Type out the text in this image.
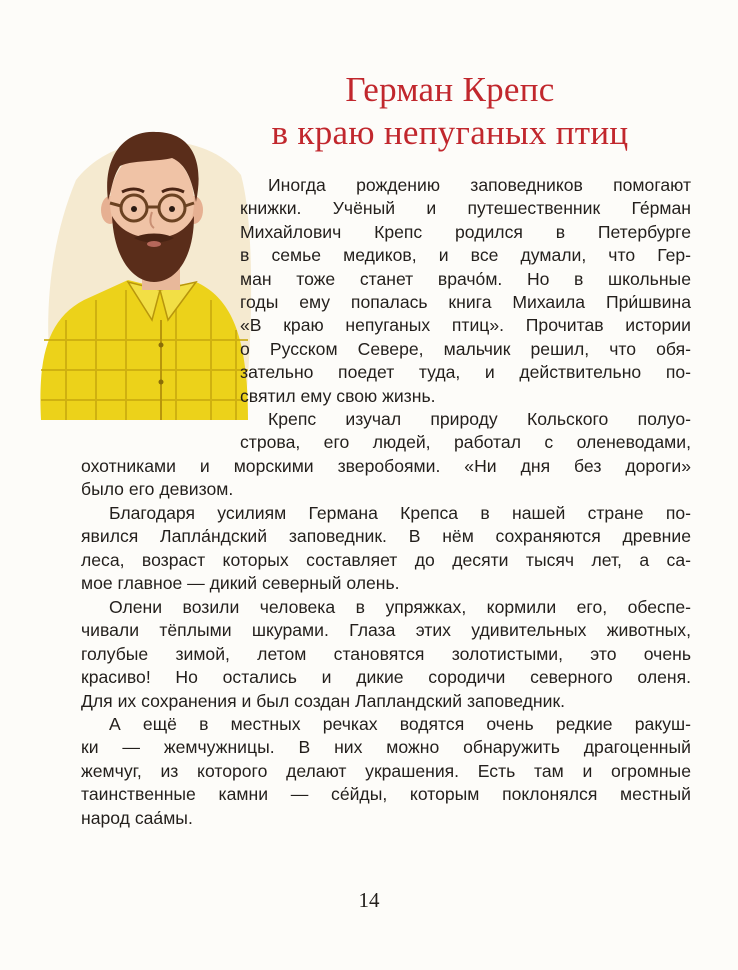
Герман Крепс
в краю непуганых птиц

Иногда рождению заповедников помогают
книжки. Учёный и путешественник Ге́рман
Михайлович Крепс родился в Петербурге
в семье медиков, и все думали, что Гер-
ман тоже станет врачо́м. Но в школьные
годы ему попалась книга Михаила При́швина
«В краю непуганых птиц». Прочитав истории
о Русском Севере, мальчик решил, что обя-
зательно поедет туда, и действительно по-
святил ему свою жизнь.

Крепс изучал природу Кольского полуо-
строва, его людей, работал с оленеводами,
охотниками и морскими зверобоями. «Ни дня без дороги»
было его девизом.

Благодаря усилиям Германа Крепса в нашей стране по-
явился Лапла́ндский заповедник. В нём сохраняются древние
леса, возраст которых составляет до десяти тысяч лет, а са-
мое главное — дикий северный олень.

Олени возили человека в упряжках, кормили его, обеспе-
чивали тёплыми шкурами. Глаза этих удивительных животных,
голубые зимой, летом становятся золотистыми, это очень
красиво! Но остались и дикие сородичи северного оленя.
Для их сохранения и был создан Лапландский заповедник.

А ещё в местных речках водятся очень редкие ракуш-
ки — жемчужницы. В них можно обнаружить драгоценный
жемчуг, из которого делают украшения. Есть там и огромные
таинственные камни — се́йды, которым поклонялся местный
народ саа́мы.

14
